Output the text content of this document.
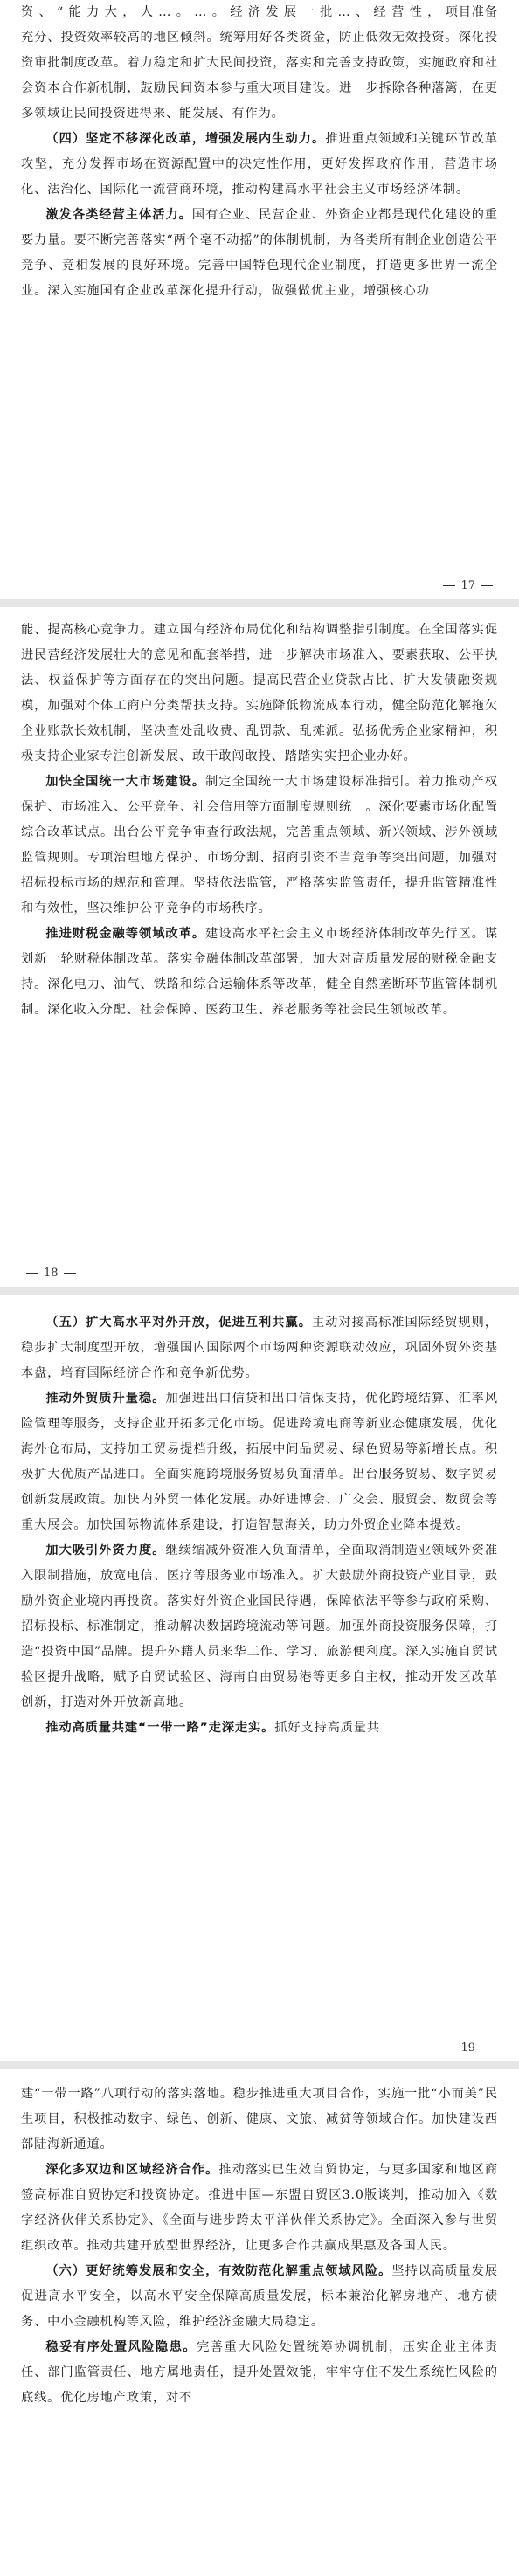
资 、 “ 能 力 大 ， 人 … 。 … 。 经 济 发 展 一 批 … 、 经 营 性 ， 项目准备充分、投资效率较高的地区倾斜。统筹用好各类资金，防止低效无效投资。深化投资审批制度改革。着力稳定和扩大民间投资，落实和完善支持政策，实施政府和社会资本合作新机制，鼓励民间资本参与重大项目建设。进一步拆除各种藩篱，在更多领域让民间投资进得来、能发展、有作为。

（四）坚定不移深化改革，增强发展内生动力。推进重点领域和关键环节改革攻坚，充分发挥市场在资源配置中的决定性作用，更好发挥政府作用，营造市场化、法治化、国际化一流营商环境，推动构建高水平社会主义市场经济体制。

激发各类经营主体活力。国有企业、民营企业、外资企业都是现代化建设的重要力量。要不断完善落实“两个毫不动摇”的体制机制，为各类所有制企业创造公平竞争、竞相发展的良好环境。完善中国特色现代企业制度，打造更多世界一流企业。深入实施国有企业改革深化提升行动，做强做优主业，增强核心功

17

能、提高核心竞争力。建立国有经济布局优化和结构调整指引制度。在全国落实促进民营经济发展壮大的意见和配套举措，进一步解决市场准入、要素获取、公平执法、权益保护等方面存在的突出问题。提高民营企业贷款占比、扩大发债融资规模，加强对个体工商户分类帮扶支持。实施降低物流成本行动，健全防范化解拖欠企业账款长效机制，坚决查处乱收费、乱罚款、乱摊派。弘扬优秀企业家精神，积极支持企业家专注创新发展、敢干敢闯敢投、踏踏实实把企业办好。

加快全国统一大市场建设。制定全国统一大市场建设标准指引。着力推动产权保护、市场准入、公平竞争、社会信用等方面制度规则统一。深化要素市场化配置综合改革试点。出台公平竞争审查行政法规，完善重点领域、新兴领域、涉外领域监管规则。专项治理地方保护、市场分割、招商引资不当竞争等突出问题，加强对招标投标市场的规范和管理。坚持依法监管，严格落实监管责任，提升监管精准性和有效性，坚决维护公平竞争的市场秩序。

推进财税金融等领域改革。建设高水平社会主义市场经济体制改革先行区。谋划新一轮财税体制改革。落实金融体制改革部署，加大对高质量发展的财税金融支持。深化电力、油气、铁路和综合运输体系等改革，健全自然垄断环节监管体制机制。深化收入分配、社会保障、医药卫生、养老服务等社会民生领域改革。

18

（五）扩大高水平对外开放，促进互利共赢。主动对接高标准国际经贸规则，稳步扩大制度型开放，增强国内国际两个市场两种资源联动效应，巩固外贸外资基本盘，培育国际经济合作和竞争新优势。

推动外贸质升量稳。加强进出口信贷和出口信保支持，优化跨境结算、汇率风险管理等服务，支持企业开拓多元化市场。促进跨境电商等新业态健康发展，优化海外仓布局，支持加工贸易提档升级，拓展中间品贸易、绿色贸易等新增长点。积极扩大优质产品进口。全面实施跨境服务贸易负面清单。出台服务贸易、数字贸易创新发展政策。加快内外贸一体化发展。办好进博会、广交会、服贸会、数贸会等重大展会。加快国际物流体系建设，打造智慧海关，助力外贸企业降本提效。

加大吸引外资力度。继续缩减外资准入负面清单，全面取消制造业领域外资准入限制措施，放宽电信、医疗等服务业市场准入。扩大鼓励外商投资产业目录，鼓励外资企业境内再投资。落实好外资企业国民待遇，保障依法平等参与政府采购、招标投标、标准制定，推动解决数据跨境流动等问题。加强外商投资服务保障，打造“投资中国”品牌。提升外籍人员来华工作、学习、旅游便利度。深入实施自贸试验区提升战略，赋予自贸试验区、海南自由贸易港等更多自主权，推动开发区改革创新，打造对外开放新高地。

推动高质量共建“一带一路”走深走实。抓好支持高质量共

19

建“一带一路”八项行动的落实落地。稳步推进重大项目合作，实施一批“小而美”民生项目，积极推动数字、绿色、创新、健康、文旅、减贫等领域合作。加快建设西部陆海新通道。

深化多双边和区域经济合作。推动落实已生效自贸协定，与更多国家和地区商签高标准自贸协定和投资协定。推进中国—东盟自贸区3.0版谈判，推动加入《数字经济伙伴关系协定》、《全面与进步跨太平洋伙伴关系协定》。全面深入参与世贸组织改革。推动共建开放型世界经济，让更多合作共赢成果惠及各国人民。

（六）更好统筹发展和安全，有效防范化解重点领域风险。坚持以高质量发展促进高水平安全，以高水平安全保障高质量发展，标本兼治化解房地产、地方债务、中小金融机构等风险，维护经济金融大局稳定。

稳妥有序处置风险隐患。完善重大风险处置统筹协调机制，压实企业主体责任、部门监管责任、地方属地责任，提升处置效能，牢牢守住不发生系统性风险的底线。优化房地产政策，对不
